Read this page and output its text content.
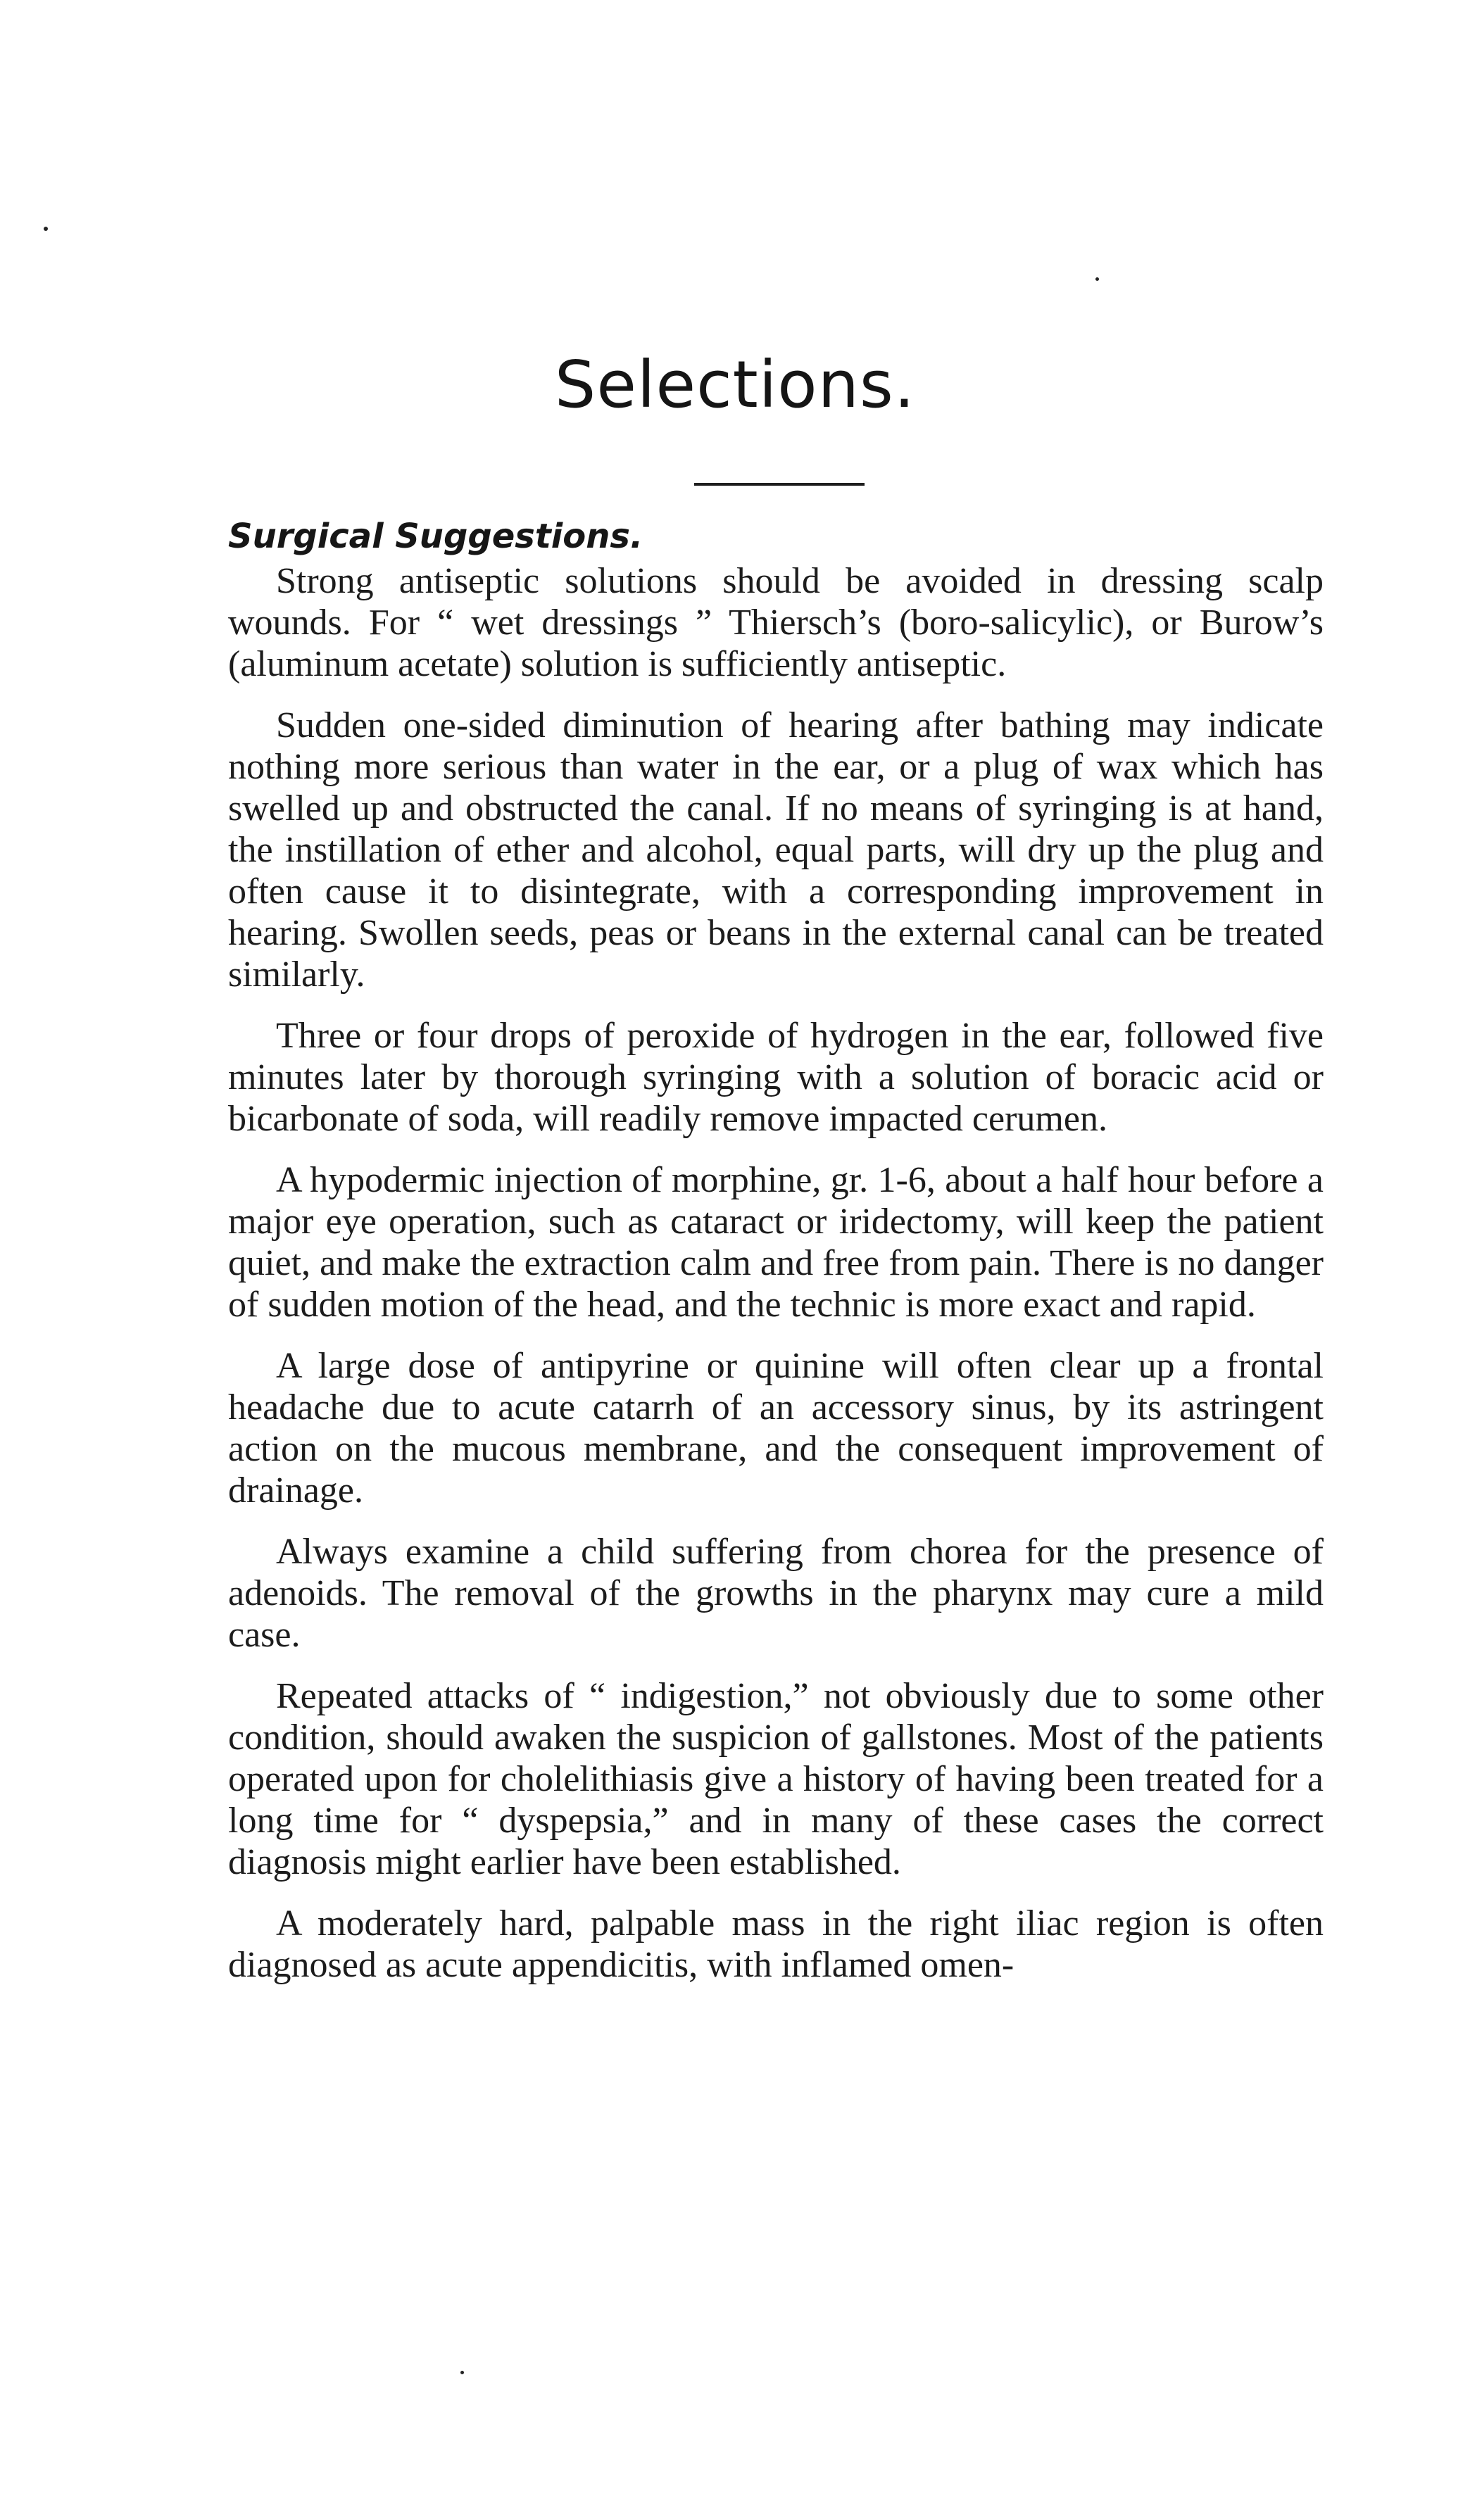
Selections.
Surgical Suggestions.

Strong antiseptic solutions should be avoided in dressing scalp wounds. For “ wet dressings ” Thiersch’s (boro-salicylic), or Burow’s (aluminum acetate) solution is sufficiently antiseptic.

Sudden one-sided diminution of hearing after bathing may indicate nothing more serious than water in the ear, or a plug of wax which has swelled up and obstructed the canal. If no means of syringing is at hand, the instillation of ether and alcohol, equal parts, will dry up the plug and often cause it to disintegrate, with a corresponding improvement in hearing. Swollen seeds, peas or beans in the external canal can be treated similarly.

Three or four drops of peroxide of hydrogen in the ear, followed five minutes later by thorough syringing with a solution of boracic acid or bicarbonate of soda, will readily remove impacted cerumen.

A hypodermic injection of morphine, gr. 1-6, about a half hour before a major eye operation, such as cataract or iridectomy, will keep the patient quiet, and make the extraction calm and free from pain. There is no danger of sudden motion of the head, and the technic is more exact and rapid.

A large dose of antipyrine or quinine will often clear up a frontal headache due to acute catarrh of an accessory sinus, by its astringent action on the mucous membrane, and the consequent improvement of drainage.

Always examine a child suffering from chorea for the presence of adenoids. The removal of the growths in the pharynx may cure a mild case.

Repeated attacks of “ indigestion,” not obviously due to some other condition, should awaken the suspicion of gallstones. Most of the patients operated upon for cholelithiasis give a history of having been treated for a long time for “ dyspepsia,” and in many of these cases the correct diagnosis might earlier have been established.

A moderately hard, palpable mass in the right iliac region is often diagnosed as acute appendicitis, with inflamed omen-
